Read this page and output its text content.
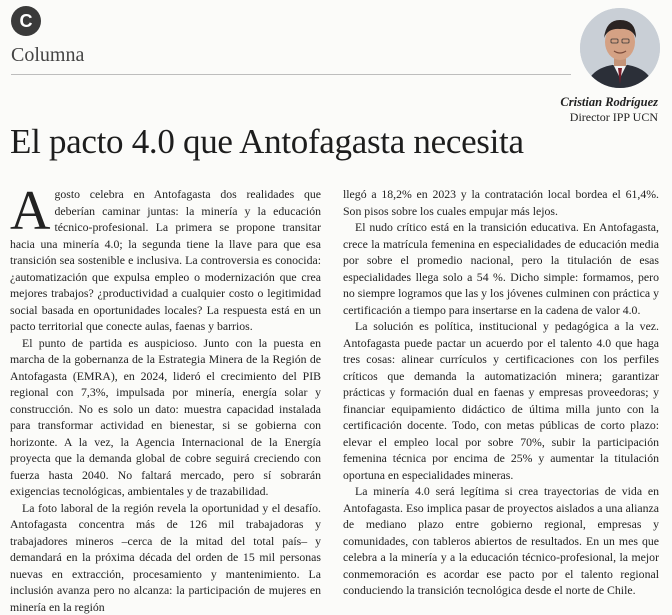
C
Columna
Cristian Rodríguez
Director IPP UCN
El pacto 4.0 que Antofagasta necesita

Agosto celebra en Antofagasta dos realidades que deberían caminar juntas: la minería y la educación técnico-profesional. La primera se propone transitar hacia una minería 4.0; la segunda tiene la llave para que esa transición sea sostenible e inclusiva. La controversia es conocida: ¿automatización que expulsa empleo o modernización que crea mejores trabajos? ¿productividad a cualquier costo o legitimidad social basada en oportunidades locales? La respuesta está en un pacto territorial que conecte aulas, faenas y barrios.

El punto de partida es auspicioso. Junto con la puesta en marcha de la gobernanza de la Estrategia Minera de la Región de Antofagasta (EMRA), en 2024, lideró el crecimiento del PIB regional con 7,3%, impulsada por minería, energía solar y construcción. No es solo un dato: muestra capacidad instalada para transformar actividad en bienestar, si se gobierna con horizonte. A la vez, la Agencia Internacional de la Energía proyecta que la demanda global de cobre seguirá creciendo con fuerza hasta 2040. No faltará mercado, pero sí sobrarán exigencias tecnológicas, ambientales y de trazabilidad.

La foto laboral de la región revela la oportunidad y el desafío. Antofagasta concentra más de 126 mil trabajadoras y trabajadores mineros –cerca de la mitad del total país– y demandará en la próxima década del orden de 15 mil personas nuevas en extracción, procesamiento y mantenimiento. La inclusión avanza pero no alcanza: la participación de mujeres en minería en la región

llegó a 18,2% en 2023 y la contratación local bordea el 61,4%. Son pisos sobre los cuales empujar más lejos.

El nudo crítico está en la transición educativa. En Antofagasta, crece la matrícula femenina en especialidades de educación media por sobre el promedio nacional, pero la titulación de esas especialidades llega solo a 54 %. Dicho simple: formamos, pero no siempre logramos que las y los jóvenes culminen con práctica y certificación a tiempo para insertarse en la cadena de valor 4.0.

La solución es política, institucional y pedagógica a la vez. Antofagasta puede pactar un acuerdo por el talento 4.0 que haga tres cosas: alinear currículos y certificaciones con los perfiles críticos que demanda la automatización minera; garantizar prácticas y formación dual en faenas y empresas proveedoras; y financiar equipamiento didáctico de última milla junto con la certificación docente. Todo, con metas públicas de corto plazo: elevar el empleo local por sobre 70%, subir la participación femenina técnica por encima de 25% y aumentar la titulación oportuna en especialidades mineras.

La minería 4.0 será legítima si crea trayectorias de vida en Antofagasta. Eso implica pasar de proyectos aislados a una alianza de mediano plazo entre gobierno regional, empresas y comunidades, con tableros abiertos de resultados. En un mes que celebra a la minería y a la educación técnico-profesional, la mejor conmemoración es acordar ese pacto por el talento regional conduciendo la transición tecnológica desde el norte de Chile.
